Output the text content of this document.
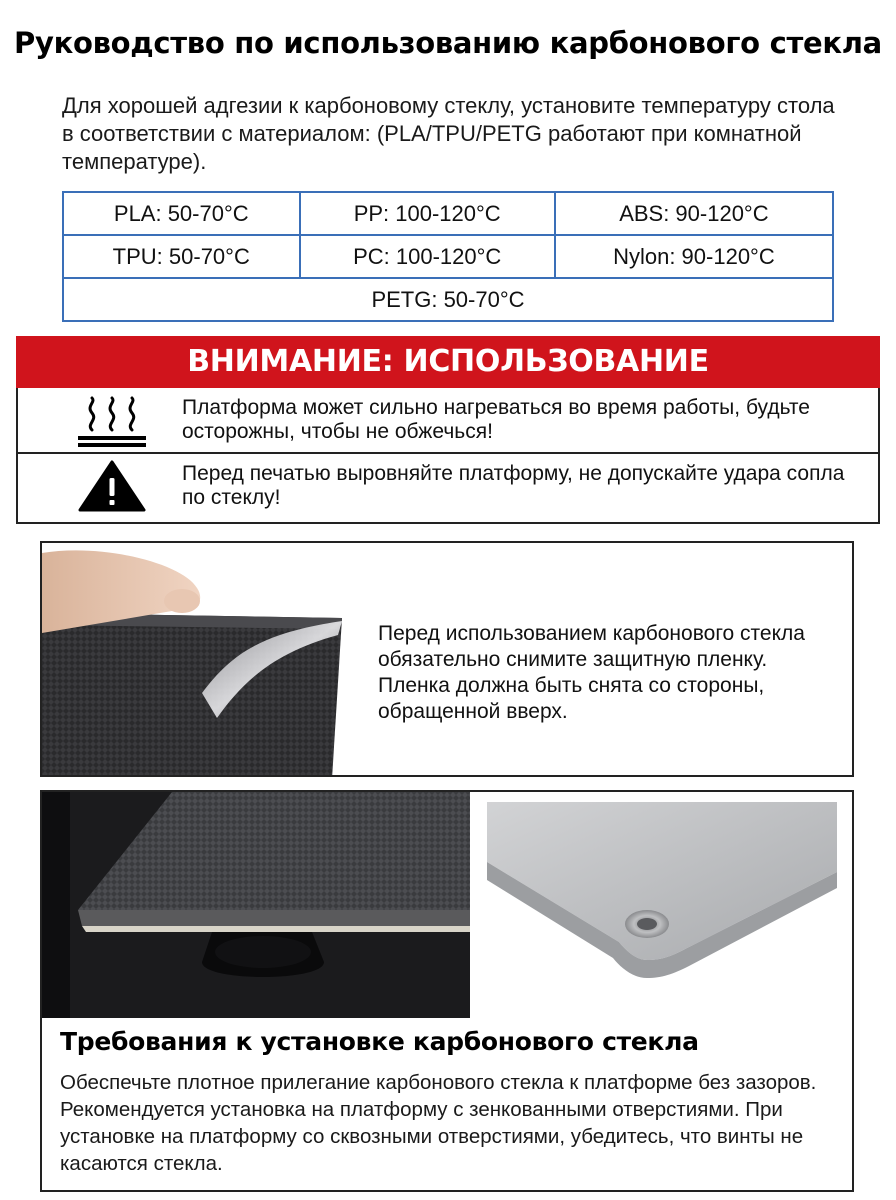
Руководство по использованию карбонового стекла
Для хорошей адгезии к карбоновому стеклу, установите температуру стола в соответствии с материалом: (PLA/TPU/PETG работают при комнатной температуре).
PLA: 50-70°C	PP: 100-120°C	ABS: 90-120°C
TPU: 50-70°C	PC: 100-120°C	Nylon: 90-120°C
PETG: 50-70°C		
ВНИМАНИЕ: ИСПОЛЬЗОВАНИЕ
Платформа может сильно нагреваться во время работы, будьте осторожны, чтобы не обжечься!
Перед печатью выровняйте платформу, не допускайте удара сопла по стеклу!
Перед использованием карбонового стекла обязательно снимите защитную пленку. Пленка должна быть снята со стороны, обращенной вверх.
Требования к установке карбонового стекла
Обеспечьте плотное прилегание карбонового стекла к платформе без зазоров. Рекомендуется установка на платформу с зенкованными отверстиями. При установке на платформу со сквозными отверстиями, убедитесь, что винты не касаются стекла.
